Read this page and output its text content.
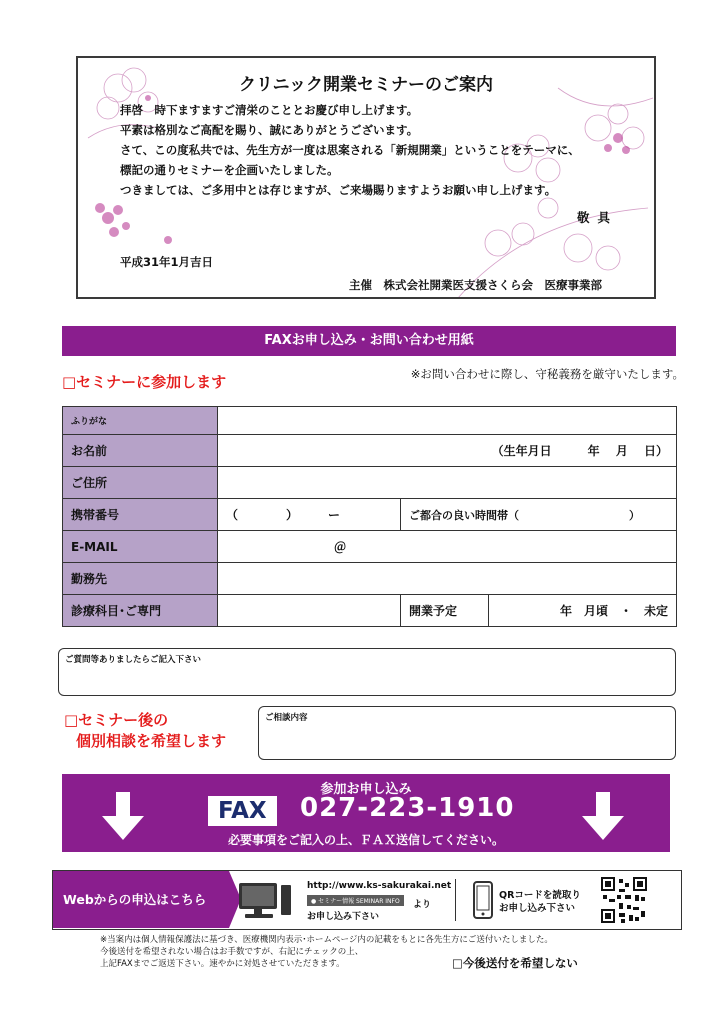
クリニック開業セミナーのご案内
拝啓　時下ますますご清栄のこととお慶び申し上げます。
平素は格別なご高配を賜り、誠にありがとうございます。
さて、この度私共では、先生方が一度は思案される「新規開業」ということをテーマに、
標記の通りセミナーを企画いたしました。
つきましては、ご多用中とは存じますが、ご来場賜りますようお願い申し上げます。
敬具
平成31年1月吉日
主催　株式会社開業医支援さくら会　医療事業部
FAXお申し込み・お問い合わせ用紙
□セミナーに参加します	※お問い合わせに際し、守秘義務を厳守いたします。
ふりがな			
お名前	（生年月日　　　年　 月　 日）		
ご住所			
携帯番号	（　　　　）　　　ー	ご都合の良い時間帯（　　　　　　　　　　）	
E-MAIL	＠		
勤務先			
診療科目･ご専門		開業予定	年　月頃　・　未定
ご質問等ありましたらご記入下さい
□セミナー後の
個別相談を希望します
ご相談内容
参加お申し込み
FAX	027-223-1910
必要事項をご記入の上、ＦＡＸ送信してください。
Webからの申込はこちら
http://www.ks-sakurakai.net
● セミナー情報 SEMINAR INFO	より
お申し込み下さい
QRコードを読取り
お申し込み下さい
※当案内は個人情報保護法に基づき、医療機関内表示･ホームページ内の記載をもとに各先生方にご送付いたしました。
今後送付を希望されない場合はお手数ですが、右記にチェックの上、
上記FAXまでご返送下さい。速やかに対処させていただきます。	□今後送付を希望しない
